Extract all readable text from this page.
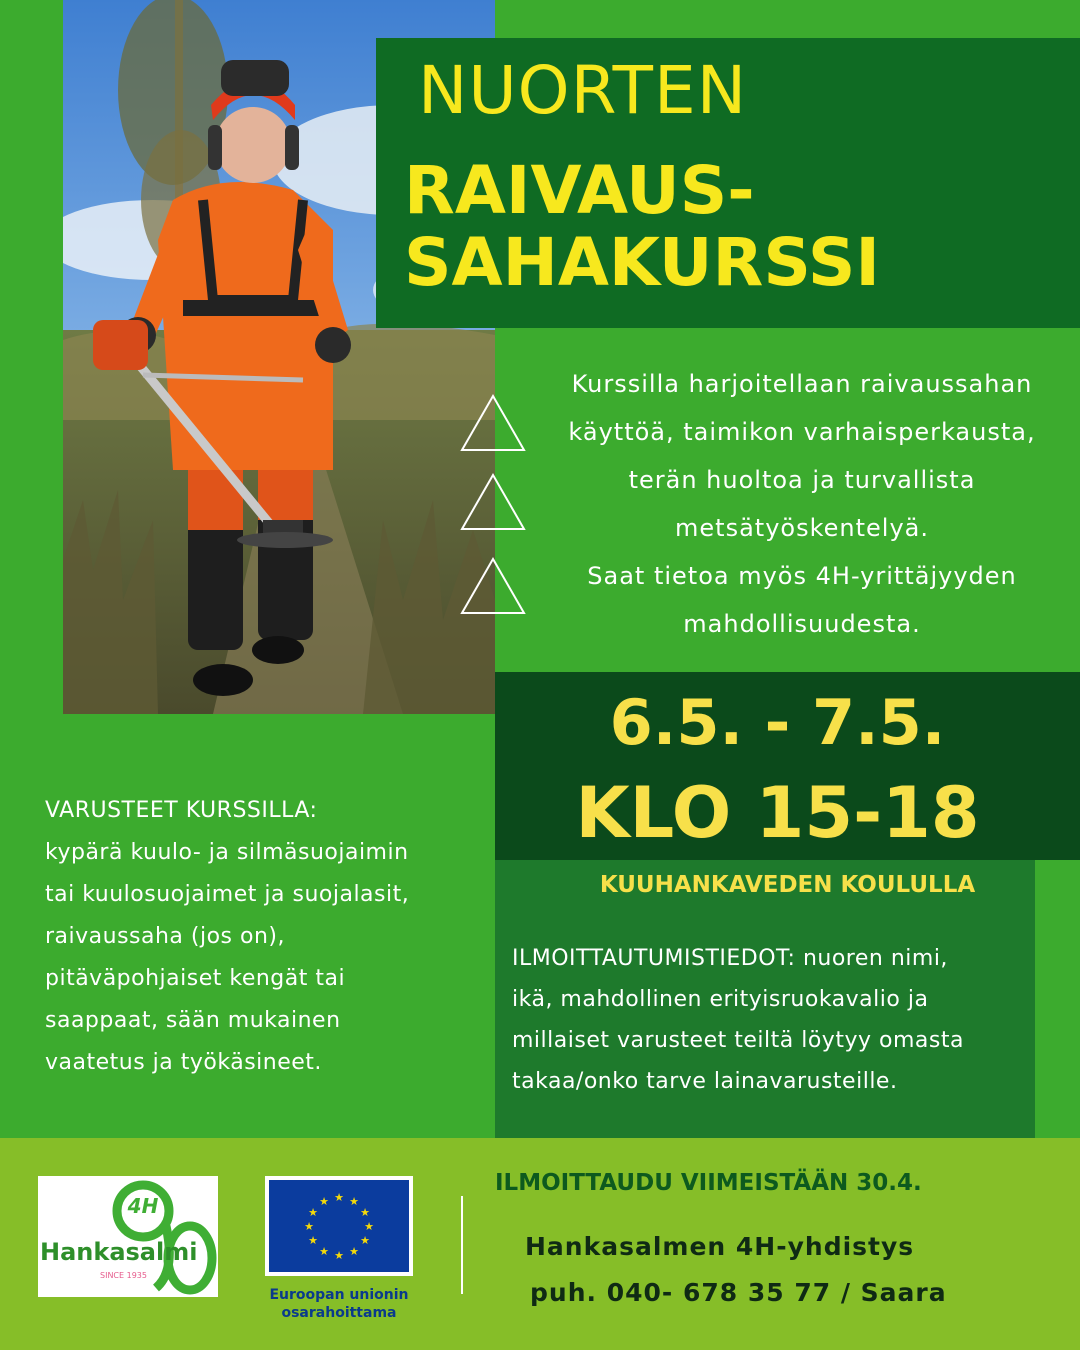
NUORTEN
RAIVAUS-
SAHAKURSSI
Kurssilla harjoitellaan raivaussahan
käyttöä, taimikon varhaisperkausta,
terän huoltoa ja turvallista
metsätyöskentelyä.
Saat tietoa myös 4H-yrittäjyyden
mahdollisuudesta.
6.5. - 7.5.
KLO 15-18
KUUHANKAVEDEN KOULULLA
ILMOITTAUTUMISTIEDOT: nuoren nimi,
ikä, mahdollinen erityisruokavalio ja
millaiset varusteet teiltä löytyy omasta
takaa/onko tarve lainavarusteille.
VARUSTEET KURSSILLA:
kypärä kuulo- ja silmäsuojaimin
tai kuulosuojaimet ja suojalasit,
raivaussaha (jos on),
pitäväpohjaiset kengät tai
saappaat, sään mukainen
vaatetus ja työkäsineet.
4H
Hankasalmi
SINCE 1935
★ ★
★
★
★
★
★
★
★
★
★
★
Euroopan unionin
osarahoittama
ILMOITTAUDU VIIMEISTÄÄN 30.4.
Hankasalmen 4H-yhdistys
puh. 040- 678 35 77 / Saara
